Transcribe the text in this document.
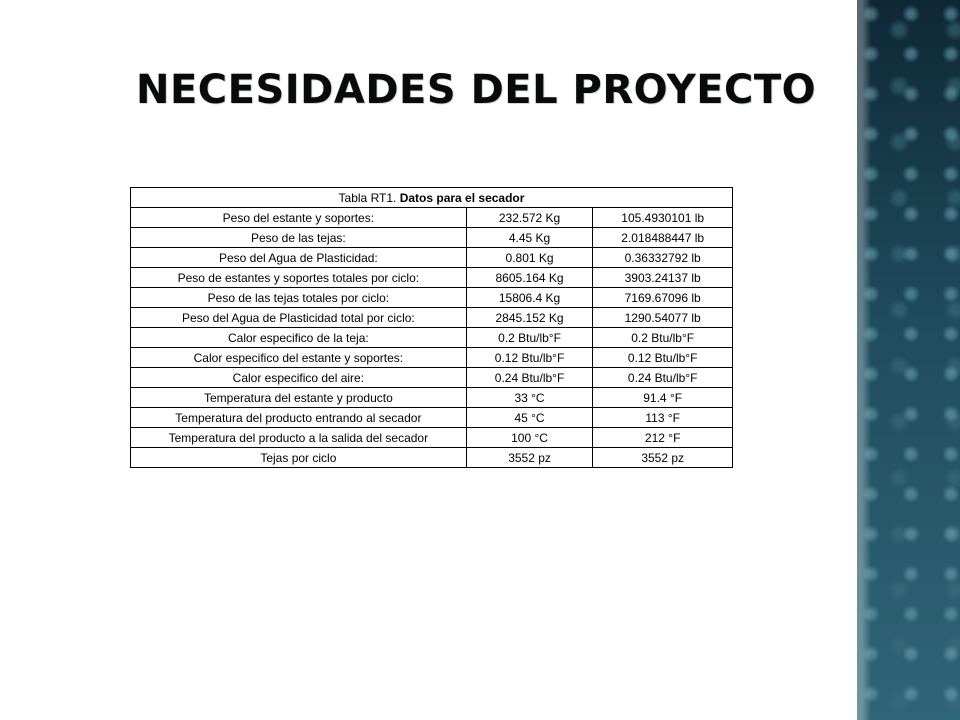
NECESIDADES DEL PROYECTO
Tabla RT1. Datos para el secador		
Peso del estante y soportes:	232.572 Kg	105.4930101 lb
Peso de las tejas:	4.45 Kg	2.018488447 lb
Peso del Agua de Plasticidad:	0.801 Kg	0.36332792 lb
Peso de estantes y soportes totales por ciclo:	8605.164 Kg	3903.24137 lb
Peso de las tejas totales por ciclo:	15806.4 Kg	7169.67096 lb
Peso del Agua de Plasticidad total por ciclo:	2845.152 Kg	1290.54077 lb
Calor especifico de la teja:	0.2 Btu/lb°F	0.2 Btu/lb°F
Calor especifico del estante y soportes:	0.12 Btu/lb°F	0.12 Btu/lb°F
Calor especifico del aire:	0.24 Btu/lb°F	0.24 Btu/lb°F
Temperatura del estante y producto	33 °C	91.4 °F
Temperatura del producto entrando al secador	45 °C	113 °F
Temperatura del producto a la salida del secador	100 °C	212 °F
Tejas por ciclo	3552 pz	3552 pz
